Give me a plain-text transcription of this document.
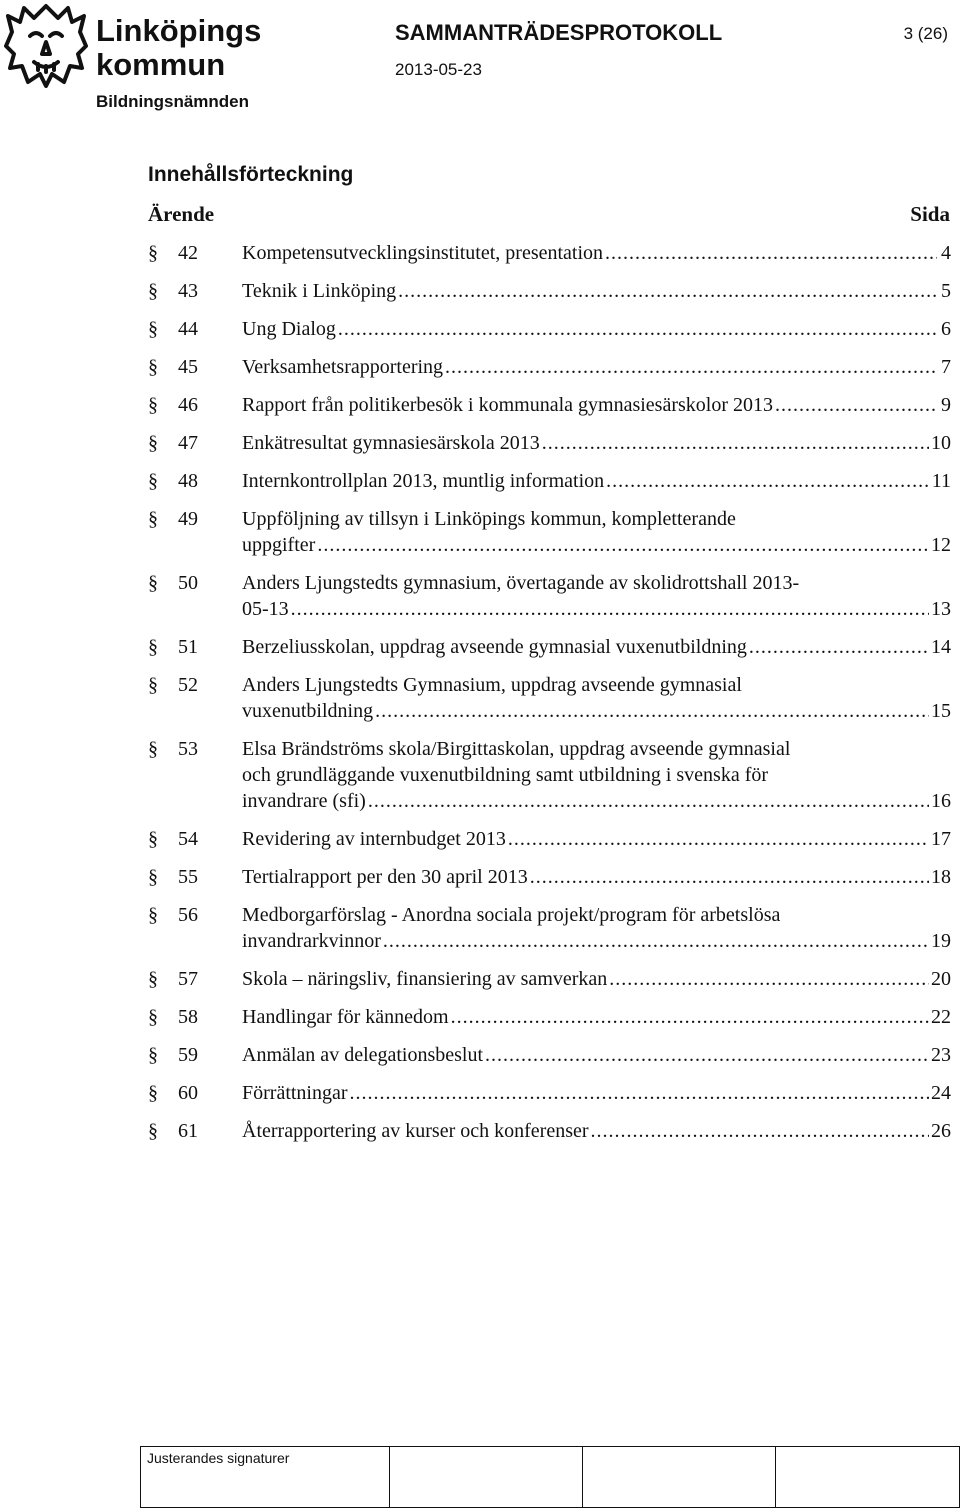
Linköpings
kommun
Bildningsnämnden
SAMMANTRÄDESPROTOKOLL
2013-05-23
3 (26)
Innehållsförteckning
Ärende	Sida
§	42	Kompetensutvecklingsinstitutet, presentation .....	4
§	43	Teknik i Linköping .....	5
§	44	Ung Dialog .....	6
§	45	Verksamhetsrapportering .....	7
§	46	Rapport från politikerbesök i kommunala gymnasiesärskolor 2013 .....	9
§	47	Enkätresultat gymnasiesärskola 2013 .....	10
§	48	Internkontrollplan 2013, muntlig information .....	11
§	49	Uppföljning av tillsyn i Linköpings kommun, kompletterande
uppgifter .....	12
§	50	Anders Ljungstedts gymnasium, övertagande av skolidrottshall 2013-
05-13 .....	13
§	51	Berzeliusskolan, uppdrag avseende gymnasial vuxenutbildning .....	14
§	52	Anders Ljungstedts Gymnasium, uppdrag avseende gymnasial
vuxenutbildning .....	15
§	53	Elsa Brändströms skola/Birgittaskolan, uppdrag avseende gymnasial
och grundläggande vuxenutbildning samt utbildning i svenska för
invandrare (sfi) .....	16
§	54	Revidering av internbudget 2013 .....	17
§	55	Tertialrapport per den 30 april 2013 .....	18
§	56	Medborgarförslag - Anordna sociala projekt/program för arbetslösa
invandrarkvinnor .....	19
§	57	Skola – näringsliv, finansiering av samverkan .....	20
§	58	Handlingar för kännedom .....	22
§	59	Anmälan av delegationsbeslut .....	23
§	60	Förrättningar .....	24
§	61	Återrapportering av kurser och konferenser .....	26
Justerandes signaturer			
